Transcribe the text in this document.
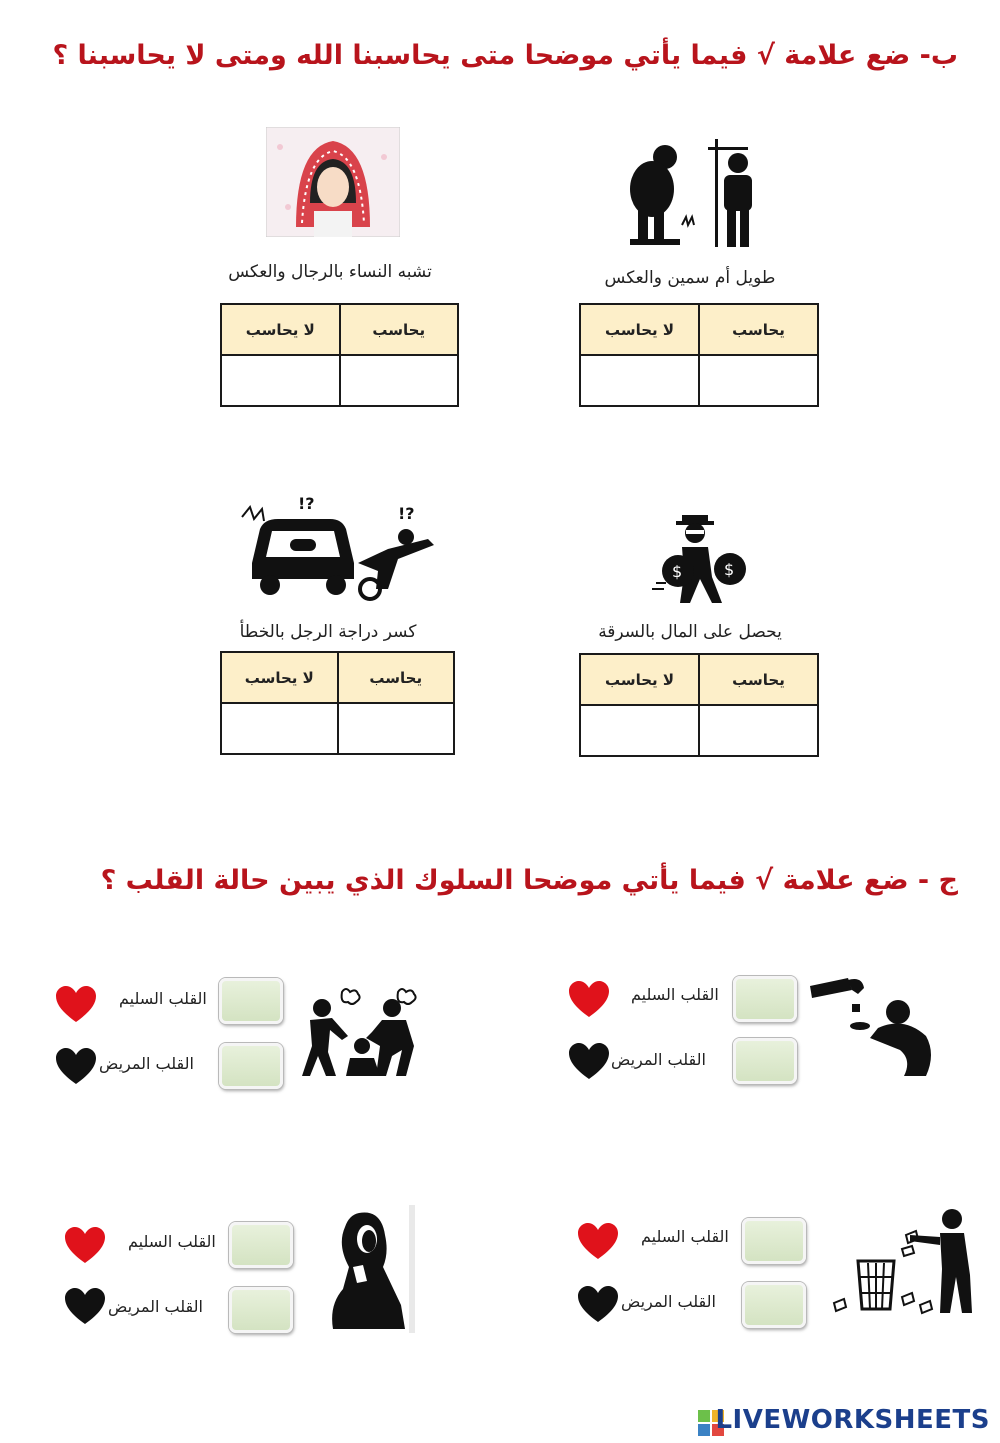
ب- ضع علامة √ فيما يأتي موضحا متى يحاسبنا الله ومتى لا يحاسبنا ؟
طويل أم سمين والعكس
يحاسب	لا يحاسب

تشبه النساء بالرجال والعكس
يحاسب	لا يحاسب

$	$
يحصل على المال بالسرقة
يحاسب	لا يحاسب

!?
!?
كسر دراجة الرجل بالخطأ
يحاسب	لا يحاسب

ج - ضع علامة √ فيما يأتي موضحا السلوك الذي يبين حالة القلب ؟
القلب السليم
القلب المريض
القلب السليم
القلب المريض
القلب السليم
القلب المريض
القلب السليم
القلب المريض
LIVEWORKSHEETS
